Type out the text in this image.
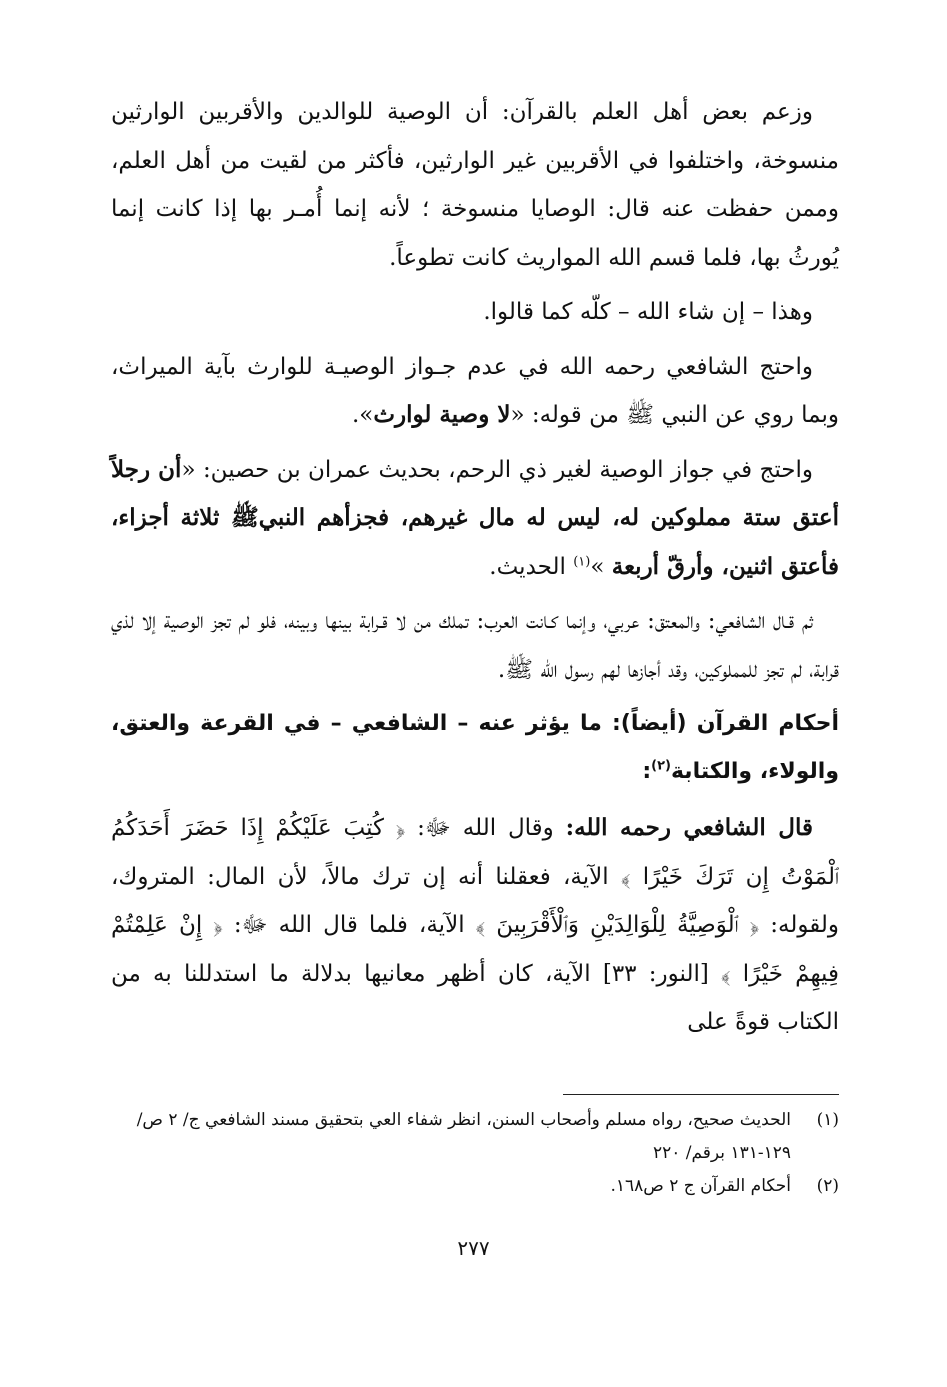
وزعم بعض أهل العلم بالقرآن: أن الوصية للوالدين والأقربين الوارثين منسوخة، واختلفوا في الأقربين غير الوارثين، فأكثر من لقيت من أهل العلم، وممن حفظت عنه قال: الوصايا منسوخة ؛ لأنه إنما أُمـر بها إذا كانت إنما يُورثُ بها، فلما قسم الله المواريث كانت تطوعاً.

وهذا – إن شاء الله – كلّه كما قالوا.

واحتج الشافعي رحمه الله في عدم جـواز الوصيـة للوارث بآية الميراث، وبما روي عن النبي ﷺ من قوله: «لا وصية لوارث».

واحتج في جواز الوصية لغير ذي الرحم، بحديث عمران بن حصين: «أن رجلاً أعتق ستة مملوكين له، ليس له مال غيرهم، فجزأهم النبيﷺ ثلاثة أجزاء، فأعتق اثنين، وأرقّ أربعة »$^{(١)}$ الحديث.

ثم قـال الشافعي: والمعتق: عربي، وإنما كـانت العرب: تملك من لا قـرابة بينها وبينه، فلو لم تجز الوصية إلا لذي قرابة، لم تجز للمملوكين، وقد أجازها لهم رسول الله ﷺ.

أحكام القرآن (أيضاً): ما يؤثر عنه – الشافعي – في القرعة والعتق، والولاء، والكتابة$^{(٢)}$:

قال الشافعي رحمه الله: وقال الله ﷻ: ﴿ كُتِبَ عَلَيْكُمْ إِذَا حَضَرَ أَحَدَكُمُ ٱلْمَوْتُ إِن تَرَكَ خَيْرًا ﴾ الآية، فعقلنا أنه إن ترك مالاً، لأن المال: المتروك، ولقوله: ﴿ ٱلْوَصِيَّةُ لِلْوَالِدَيْنِ وَٱلْأَقْرَبِينَ ﴾ الآية، فلما قال الله ﷻ: ﴿ إِنْ عَلِمْتُمْ فِيهِمْ خَيْرًا ﴾ [النور: ٣٣] الآية، كان أظهر معانيها بدلالة ما استدللنا به من الكتاب قوةً على

(١)
الحديث صحيح، رواه مسلم وأصحاب السنن، انظر شفاء العي بتحقيق مسند الشافعي ج/ ٢ ص/ ١٢٩-١٣١ برقم/ ٢٢٠
(٢)
أحكام القرآن ج ٢ ص١٦٨.
٢٧٧
